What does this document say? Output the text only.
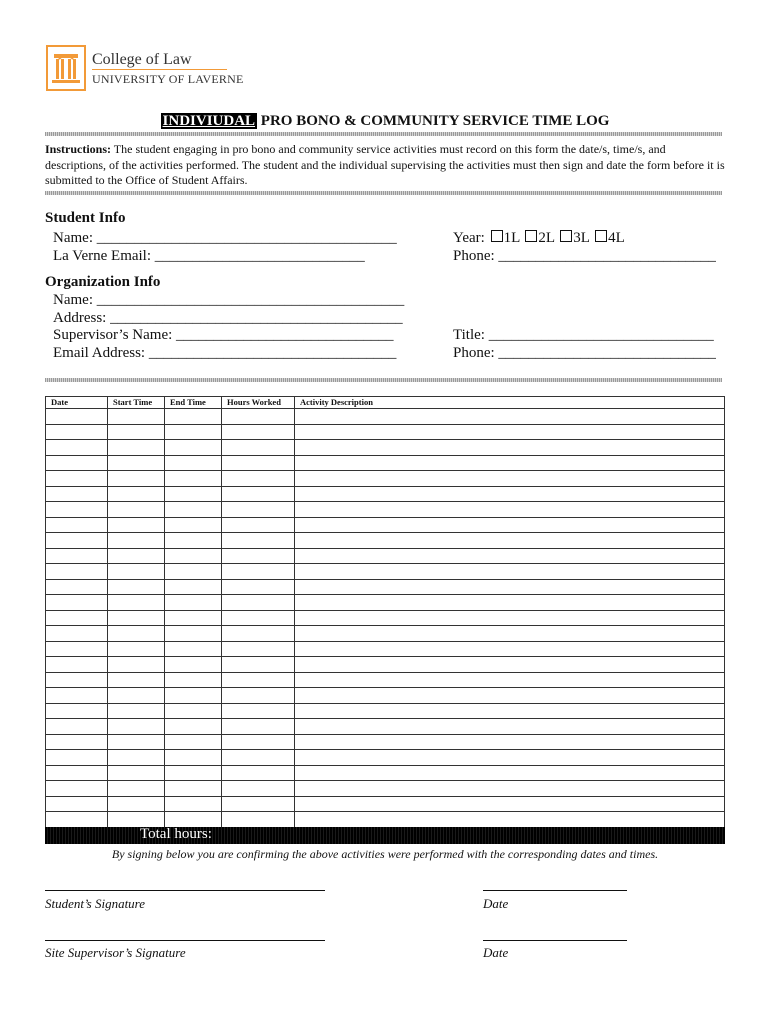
College of Law
UNIVERSITY OF LAVERNE
INDIVIUDAL PRO BONO & COMMUNITY SERVICE TIME LOG
Instructions: The student engaging in pro bono and community service activities must record on this form the date/s, time/s, and descriptions, of the activities performed. The student and the individual supervising the activities must then sign and date the form before it is submitted to the Office of Student Affairs.
Student Info
Name: ________________________________________
La Verne Email: ____________________________
Year: 1L 2L 3L 4L
Phone: _____________________________
Organization Info
Name: _________________________________________
Address: _______________________________________
Supervisor’s Name: _____________________________
Email Address: _________________________________
Title: ______________________________
Phone: _____________________________
Date	Start Time	End Time	Hours Worked	Activity Description

Total hours:
By signing below you are confirming the above activities were performed with the corresponding dates and times.
Student’s Signature	Date
Site Supervisor’s Signature	Date
